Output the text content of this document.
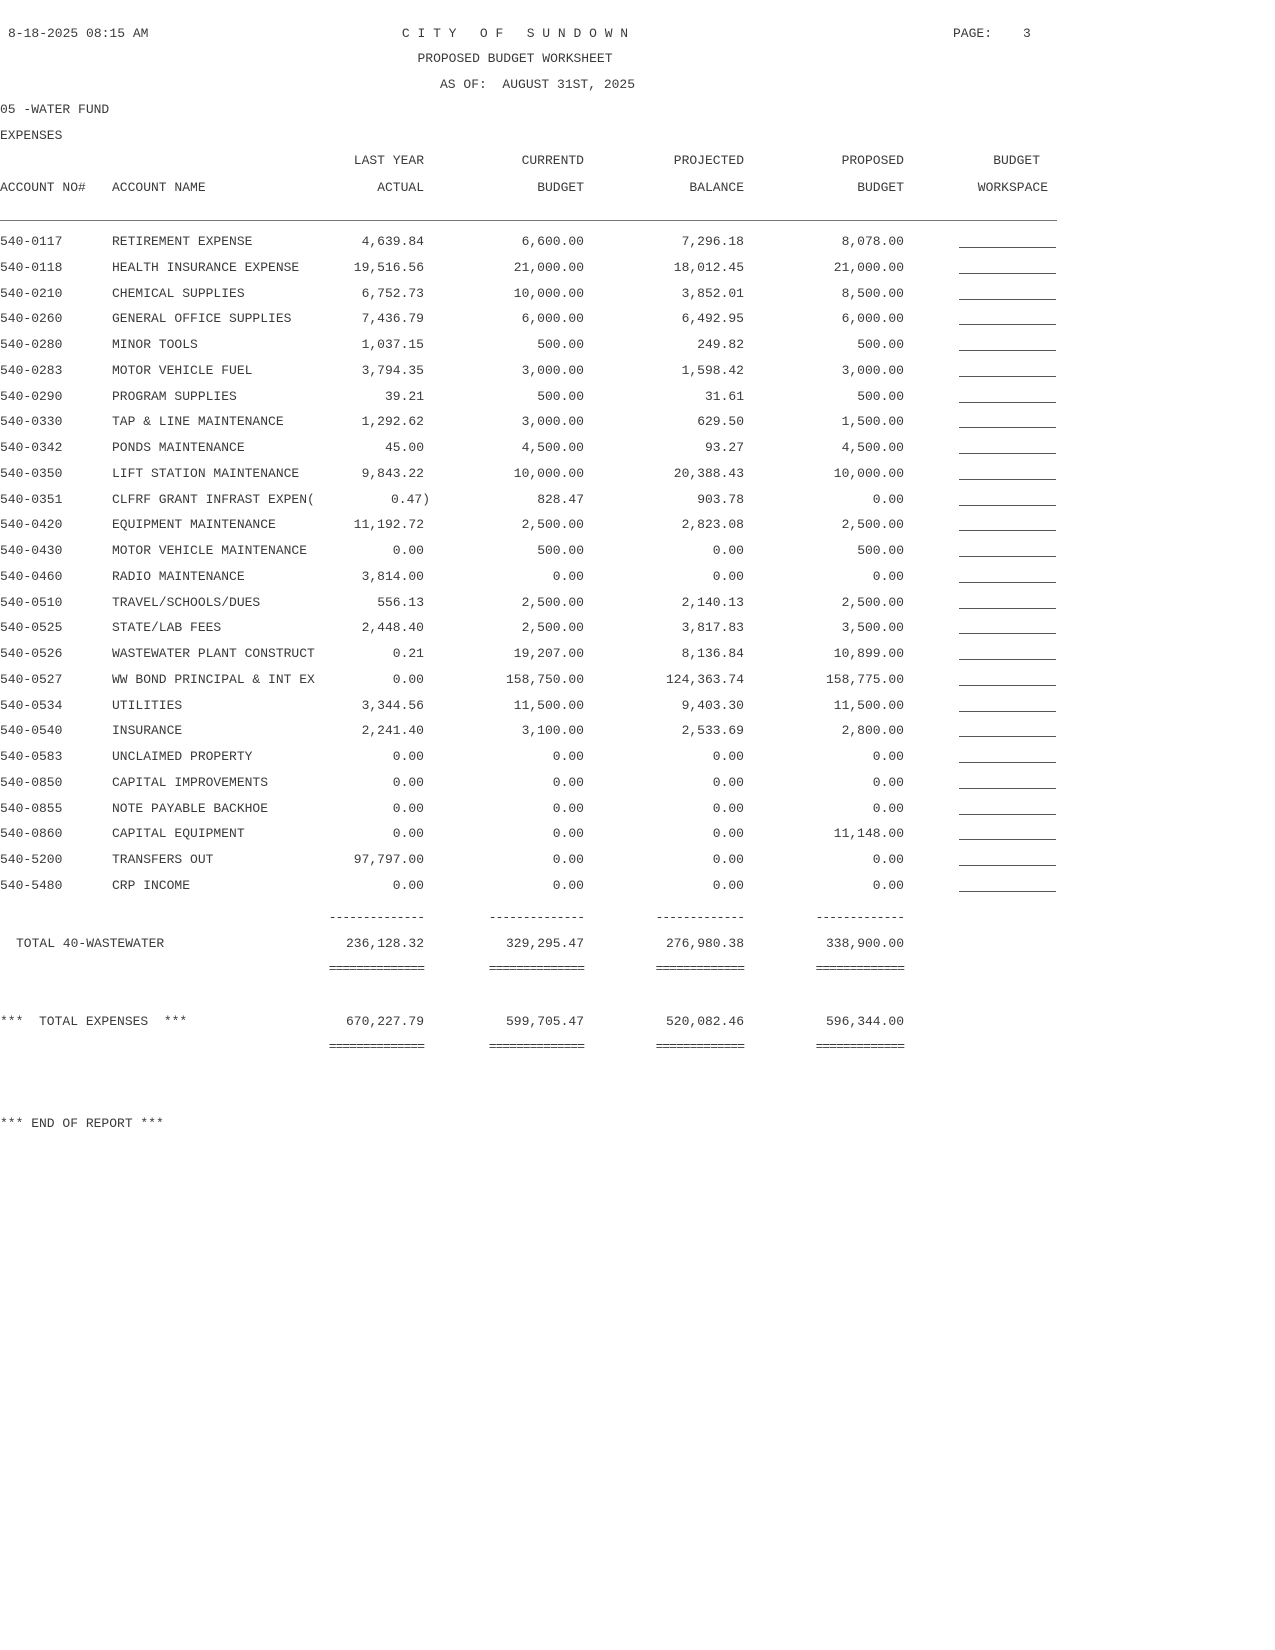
8-18-2025 08:15 AM	C I T Y   O F   S U N D O W N	PAGE: 3
PROPOSED BUDGET WORKSHEET
AS OF:  AUGUST 31ST, 2025
05 -WATER FUND
EXPENSES
LAST YEAR	CURRENTD	PROJECTED	PROPOSED	BUDGET
ACCOUNT NO# ACCOUNT NAME	ACTUAL	BUDGET	BALANCE	BUDGET	WORKSPACE
540-0117	RETIREMENT EXPENSE	4,639.84	6,600.00	7,296.18	8,078.00
540-0118	HEALTH INSURANCE EXPENSE	19,516.56	21,000.00	18,012.45	21,000.00
540-0210	CHEMICAL SUPPLIES	6,752.73	10,000.00	3,852.01	8,500.00
540-0260	GENERAL OFFICE SUPPLIES	7,436.79	6,000.00	6,492.95	6,000.00
540-0280	MINOR TOOLS	1,037.15	500.00	249.82	500.00
540-0283	MOTOR VEHICLE FUEL	3,794.35	3,000.00	1,598.42	3,000.00
540-0290	PROGRAM SUPPLIES	39.21	500.00	31.61	500.00
540-0330	TAP & LINE MAINTENANCE	1,292.62	3,000.00	629.50	1,500.00
540-0342	PONDS MAINTENANCE	45.00	4,500.00	93.27	4,500.00
540-0350	LIFT STATION MAINTENANCE	9,843.22	10,000.00	20,388.43	10,000.00
540-0351	CLFRF GRANT INFRAST EXPEN(	0.47)	828.47	903.78	0.00
540-0420	EQUIPMENT MAINTENANCE	11,192.72	2,500.00	2,823.08	2,500.00
540-0430	MOTOR VEHICLE MAINTENANCE	0.00	500.00	0.00	500.00
540-0460	RADIO MAINTENANCE	3,814.00	0.00	0.00	0.00
540-0510	TRAVEL/SCHOOLS/DUES	556.13	2,500.00	2,140.13	2,500.00
540-0525	STATE/LAB FEES	2,448.40	2,500.00	3,817.83	3,500.00
540-0526	WASTEWATER PLANT CONSTRUCT	0.21	19,207.00	8,136.84	10,899.00
540-0527	WW BOND PRINCIPAL & INT EX	0.00	158,750.00	124,363.74	158,775.00
540-0534	UTILITIES	3,344.56	11,500.00	9,403.30	11,500.00
540-0540	INSURANCE	2,241.40	3,100.00	2,533.69	2,800.00
540-0583	UNCLAIMED PROPERTY	0.00	0.00	0.00	0.00
540-0850	CAPITAL IMPROVEMENTS	0.00	0.00	0.00	0.00
540-0855	NOTE PAYABLE BACKHOE	0.00	0.00	0.00	0.00
540-0860	CAPITAL EQUIPMENT	0.00	0.00	0.00	11,148.00
540-5200	TRANSFERS OUT	97,797.00	0.00	0.00	0.00
540-5480	CRP INCOME	0.00	0.00	0.00	0.00
--------------	--------------	-------------	-------------
TOTAL 40-WASTEWATER	236,128.32	329,295.47	276,980.38	338,900.00
==============	==============	=============	=============
***  TOTAL EXPENSES  ***	670,227.79	599,705.47	520,082.46	596,344.00
==============	==============	=============	=============
*** END OF REPORT ***
